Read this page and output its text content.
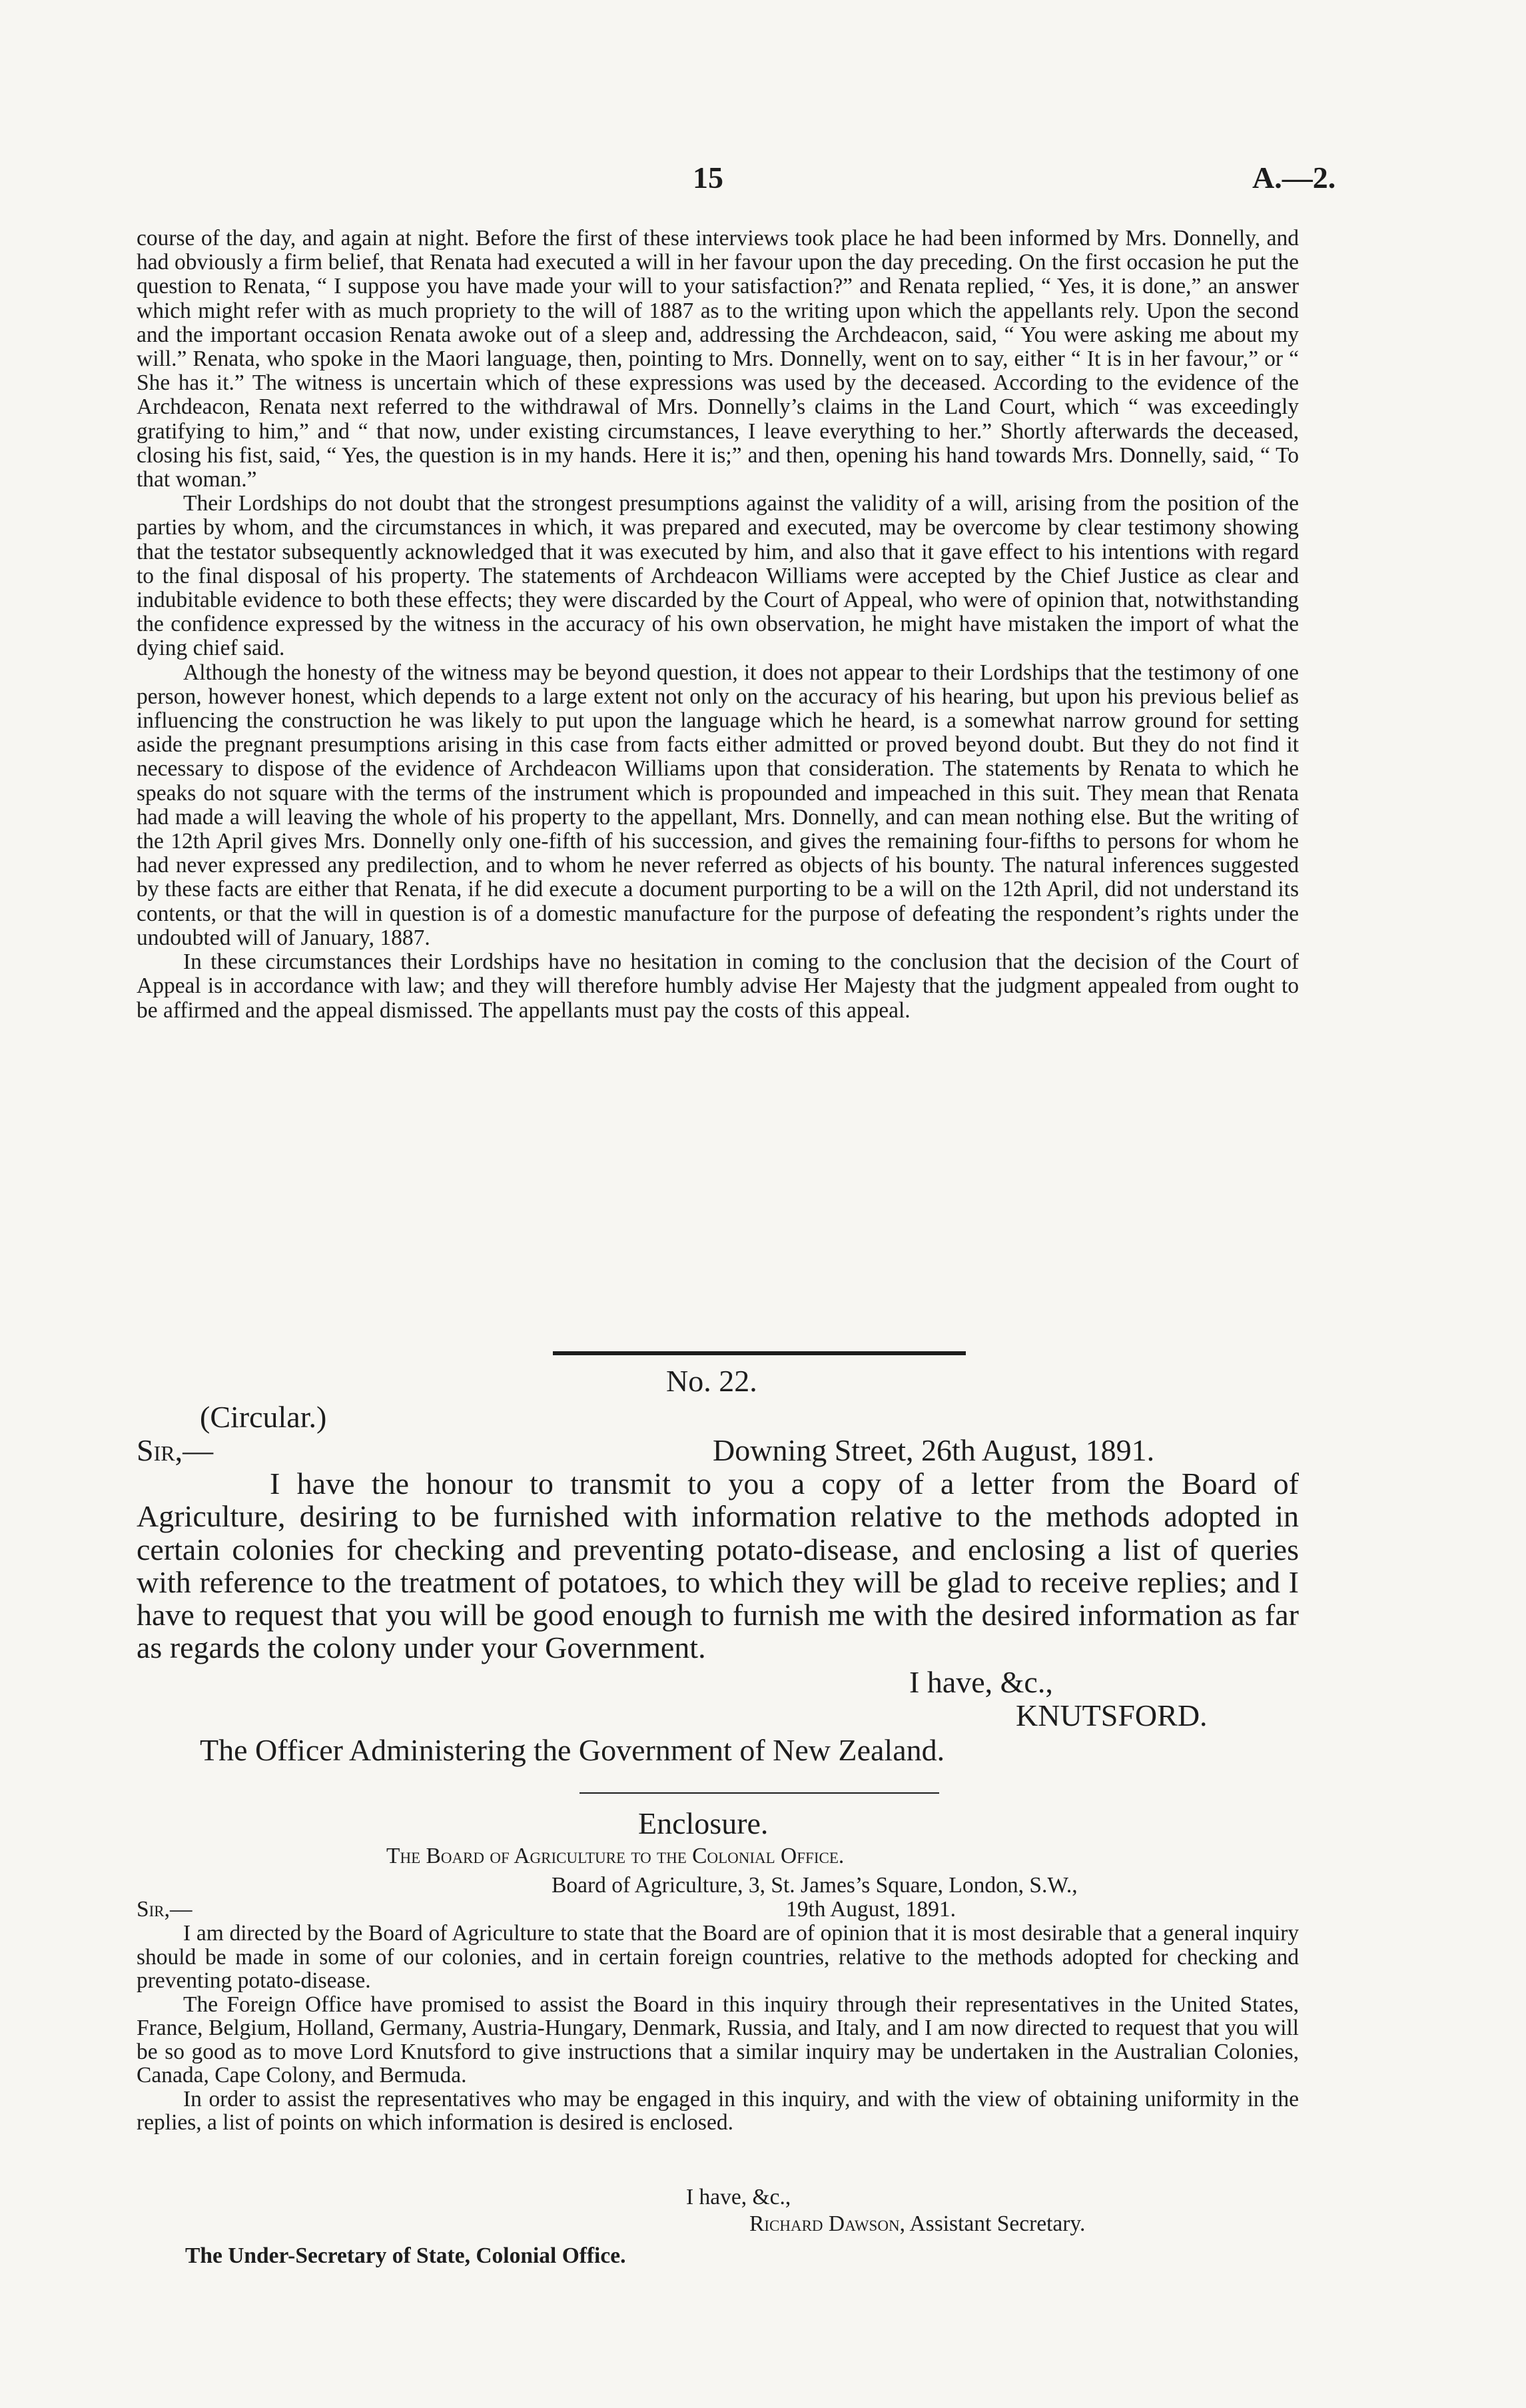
15	A.—2.

course of the day, and again at night. Before the first of these interviews took place he had been informed by Mrs. Donnelly, and had obviously a firm belief, that Renata had executed a will in her favour upon the day preceding. On the first occasion he put the question to Renata, “ I suppose you have made your will to your satisfaction?” and Renata replied, “ Yes, it is done,” an answer which might refer with as much propriety to the will of 1887 as to the writing upon which the appellants rely. Upon the second and the important occasion Renata awoke out of a sleep and, addressing the Archdeacon, said, “ You were asking me about my will.” Renata, who spoke in the Maori language, then, pointing to Mrs. Donnelly, went on to say, either “ It is in her favour,” or “ She has it.” The witness is uncertain which of these expressions was used by the deceased. According to the evidence of the Archdeacon, Renata next referred to the withdrawal of Mrs. Donnelly’s claims in the Land Court, which “ was exceedingly gratifying to him,” and “ that now, under existing circumstances, I leave everything to her.” Shortly afterwards the deceased, closing his fist, said, “ Yes, the question is in my hands. Here it is;” and then, opening his hand towards Mrs. Donnelly, said, “ To that woman.”

Their Lordships do not doubt that the strongest presumptions against the validity of a will, arising from the position of the parties by whom, and the circumstances in which, it was prepared and executed, may be overcome by clear testimony showing that the testator subsequently acknowledged that it was executed by him, and also that it gave effect to his intentions with regard to the final disposal of his property. The statements of Archdeacon Williams were accepted by the Chief Justice as clear and indubitable evidence to both these effects; they were discarded by the Court of Appeal, who were of opinion that, notwithstanding the confidence expressed by the witness in the accuracy of his own observation, he might have mistaken the import of what the dying chief said.

Although the honesty of the witness may be beyond question, it does not appear to their Lordships that the testimony of one person, however honest, which depends to a large extent not only on the accuracy of his hearing, but upon his previous belief as influencing the construction he was likely to put upon the language which he heard, is a somewhat narrow ground for setting aside the pregnant presumptions arising in this case from facts either admitted or proved beyond doubt. But they do not find it necessary to dispose of the evidence of Archdeacon Williams upon that consideration. The statements by Renata to which he speaks do not square with the terms of the instrument which is propounded and impeached in this suit. They mean that Renata had made a will leaving the whole of his property to the appellant, Mrs. Donnelly, and can mean nothing else. But the writing of the 12th April gives Mrs. Donnelly only one-fifth of his succession, and gives the remaining four-fifths to persons for whom he had never expressed any predilection, and to whom he never referred as objects of his bounty. The natural inferences suggested by these facts are either that Renata, if he did execute a document purporting to be a will on the 12th April, did not understand its contents, or that the will in question is of a domestic manufacture for the purpose of defeating the respondent’s rights under the undoubted will of January, 1887.

In these circumstances their Lordships have no hesitation in coming to the conclusion that the decision of the Court of Appeal is in accordance with law; and they will therefore humbly advise Her Majesty that the judgment appealed from ought to be affirmed and the appeal dismissed. The appellants must pay the costs of this appeal.

No. 22.
(Circular.)
Sir,—	Downing Street, 26th August, 1891.

I have the honour to transmit to you a copy of a letter from the Board of Agriculture, desiring to be furnished with information relative to the methods adopted in certain colonies for checking and preventing potato-disease, and enclosing a list of queries with reference to the treatment of potatoes, to which they will be glad to receive replies; and I have to request that you will be good enough to furnish me with the desired information as far as regards the colony under your Government.

I have, &c.,
KNUTSFORD.
The Officer Administering the Government of New Zealand.
Enclosure.
The Board of Agriculture to the Colonial Office.
Board of Agriculture, 3, St. James’s Square, London, S.W.,
19th August, 1891.
Sir,—

I am directed by the Board of Agriculture to state that the Board are of opinion that it is most desirable that a general inquiry should be made in some of our colonies, and in certain foreign countries, relative to the methods adopted for checking and preventing potato-disease.

The Foreign Office have promised to assist the Board in this inquiry through their representatives in the United States, France, Belgium, Holland, Germany, Austria-Hungary, Denmark, Russia, and Italy, and I am now directed to request that you will be so good as to move Lord Knutsford to give instructions that a similar inquiry may be undertaken in the Australian Colonies, Canada, Cape Colony, and Bermuda.

In order to assist the representatives who may be engaged in this inquiry, and with the view of obtaining uniformity in the replies, a list of points on which information is desired is enclosed.

I have, &c.,
Richard Dawson, Assistant Secretary.
The Under-Secretary of State, Colonial Office.
